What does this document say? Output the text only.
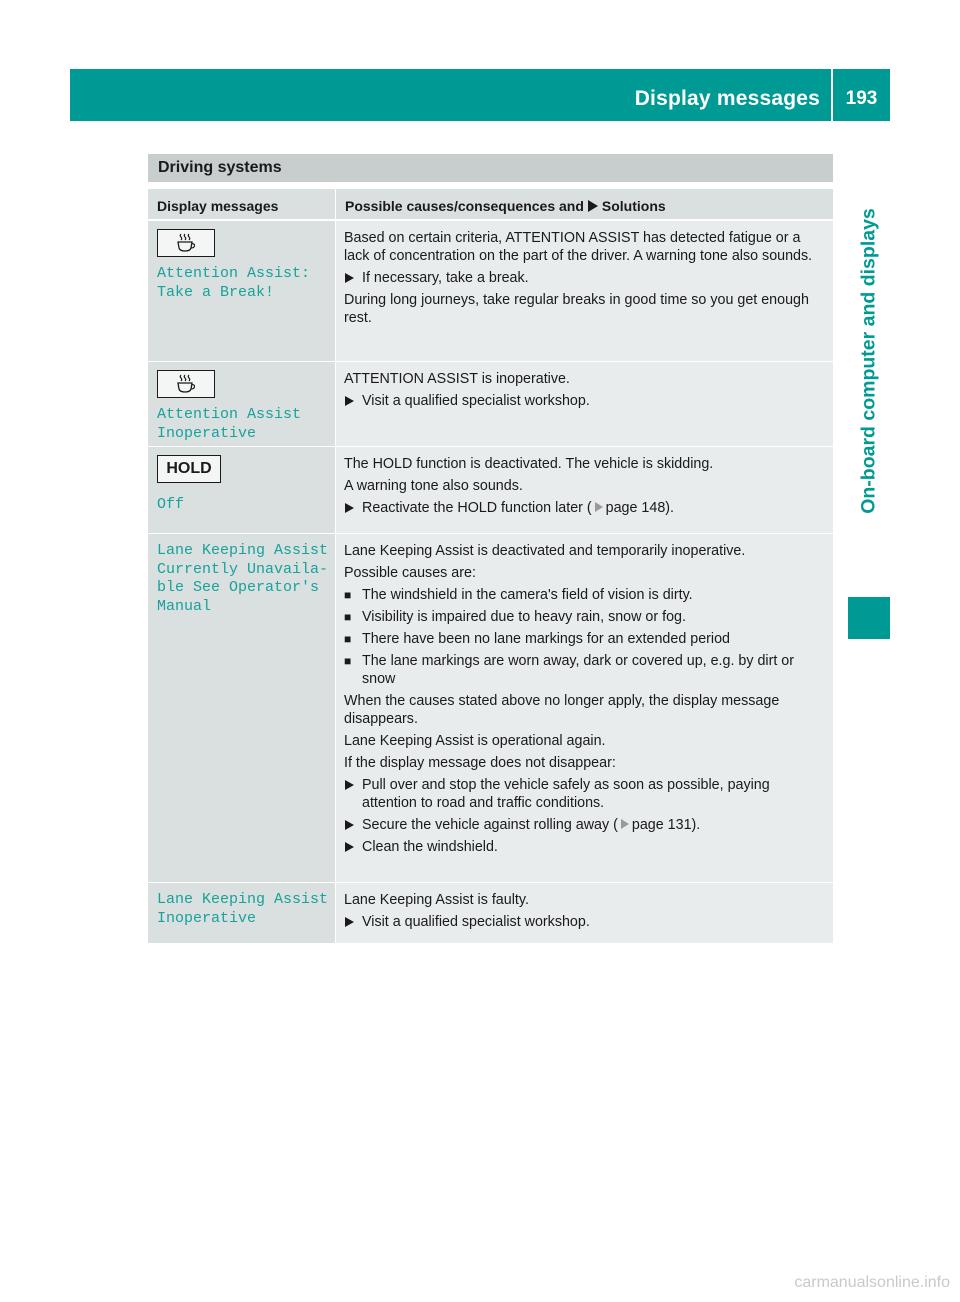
Display messages	193
On-board computer and displays
Driving systems
Display messages	Possible causes/consequences and Solutions
Attention Assist:
Take a Break!

Based on certain criteria, ATTENTION ASSIST has detected fatigue or a lack of concentration on the part of the driver. A warning tone also sounds.

If necessary, take a break.

During long journeys, take regular breaks in good time so you get enough rest.

Attention Assist
Inoperative

ATTENTION ASSIST is inoperative.

Visit a qualified specialist workshop.
HOLD
Off

The HOLD function is deactivated. The vehicle is skidding.

A warning tone also sounds.

Reactivate the HOLD function later ( page 148).
Lane Keeping Assist
Currently Unavaila‐
ble See Operator's
Manual

Lane Keeping Assist is deactivated and temporarily inoperative.

Possible causes are:

■ The windshield in the camera's field of vision is dirty.
■ Visibility is impaired due to heavy rain, snow or fog.
■ There have been no lane markings for an extended period
■ The lane markings are worn away, dark or covered up, e.g. by dirt or snow

When the causes stated above no longer apply, the display message disappears.

Lane Keeping Assist is operational again.

If the display message does not disappear:

Pull over and stop the vehicle safely as soon as possible, paying attention to road and traffic conditions.
Secure the vehicle against rolling away ( page 131).
Clean the windshield.
Lane Keeping Assist
Inoperative

Lane Keeping Assist is faulty.

Visit a qualified specialist workshop.
carmanualsonline.info
